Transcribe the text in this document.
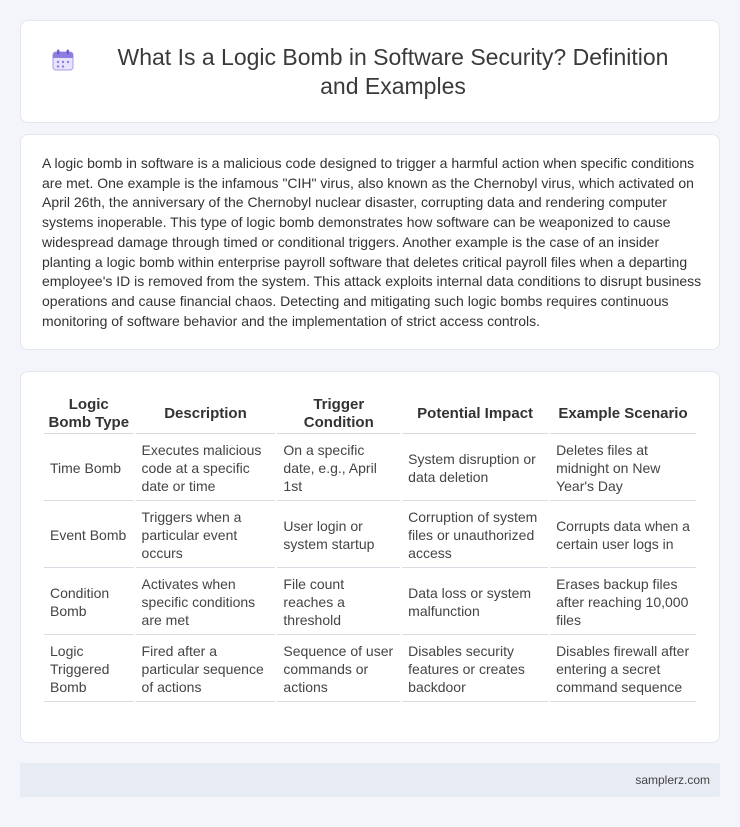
What Is a Logic Bomb in Software Security? Definition and Examples

A logic bomb in software is a malicious code designed to trigger a harmful action when specific conditions are met. One example is the infamous "CIH" virus, also known as the Chernobyl virus, which activated on April 26th, the anniversary of the Chernobyl nuclear disaster, corrupting data and rendering computer systems inoperable. This type of logic bomb demonstrates how software can be weaponized to cause widespread damage through timed or conditional triggers. Another example is the case of an insider planting a logic bomb within enterprise payroll software that deletes critical payroll files when a departing employee's ID is removed from the system. This attack exploits internal data conditions to disrupt business operations and cause financial chaos. Detecting and mitigating such logic bombs requires continuous monitoring of software behavior and the implementation of strict access controls.

Logic Bomb Type	Description	Trigger Condition	Potential Impact	Example Scenario
Time Bomb	Executes malicious code at a specific date or time	On a specific date, e.g., April 1st	System disruption or data deletion	Deletes files at midnight on New Year's Day
Event Bomb	Triggers when a particular event occurs	User login or system startup	Corruption of system files or unauthorized access	Corrupts data when a certain user logs in
Condition Bomb	Activates when specific conditions are met	File count reaches a threshold	Data loss or system malfunction	Erases backup files after reaching 10,000 files
Logic Triggered Bomb	Fired after a particular sequence of actions	Sequence of user commands or actions	Disables security features or creates backdoor	Disables firewall after entering a secret command sequence
samplerz.com
